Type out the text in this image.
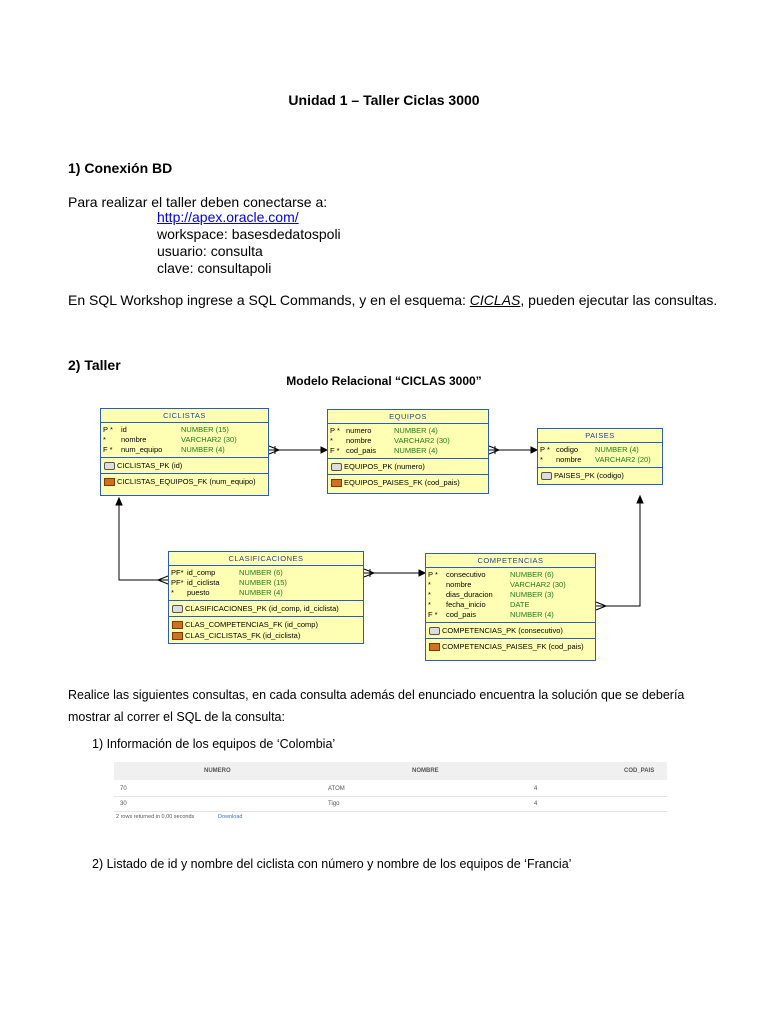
Unidad 1 – Taller Ciclas 3000
1) Conexión BD
Para realizar el taller deben conectarse a:
http://apex.oracle.com/
workspace: basesdedatospoli
usuario: consulta
clave: consultapoli
En SQL Workshop ingrese a SQL Commands, y en el esquema: CICLAS, pueden ejecutar las consultas.
2) Taller
Modelo Relacional “CICLAS 3000”
CICLISTAS
P * id	NUMBER (15)
* nombre	VARCHAR2 (30)
F * num_equipo NUMBER (4)
CICLISTAS_PK (id)
CICLISTAS_EQUIPOS_FK (num_equipo)
EQUIPOS
P * numero	NUMBER (4)
* nombre	VARCHAR2 (30)
F * cod_pais NUMBER (4)
EQUIPOS_PK (numero)
EQUIPOS_PAISES_FK (cod_pais)
PAISES
P * codigo NUMBER (4)
* nombre VARCHAR2 (20)
PAISES_PK (codigo)
CLASIFICACIONES
PF* id_comp	NUMBER (6)
PF* id_ciclista	NUMBER (15)
* puesto	NUMBER (4)
CLASIFICACIONES_PK (id_comp, id_ciclista)
CLAS_COMPETENCIAS_FK (id_comp)
CLAS_CICLISTAS_FK (id_ciclista)
COMPETENCIAS
P * consecutivo	NUMBER (6)
* nombre	VARCHAR2 (30)
* dias_duracion NUMBER (3)
* fecha_inicio	DATE
F * cod_pais	NUMBER (4)
COMPETENCIAS_PK (consecutivo)
COMPETENCIAS_PAISES_FK (cod_pais)
Realice las siguientes consultas, en cada consulta además del enunciado encuentra la solución que se debería
mostrar al correr el SQL de la consulta:
1) Información de los equipos de ‘Colombia’
NUMERO	NOMBRE	COD_PAIS
70	ATOM	4
30	Tigo	4
2 rows returned in 0,00 seconds	Download
2) Listado de id y nombre del ciclista con número y nombre de los equipos de ‘Francia’
